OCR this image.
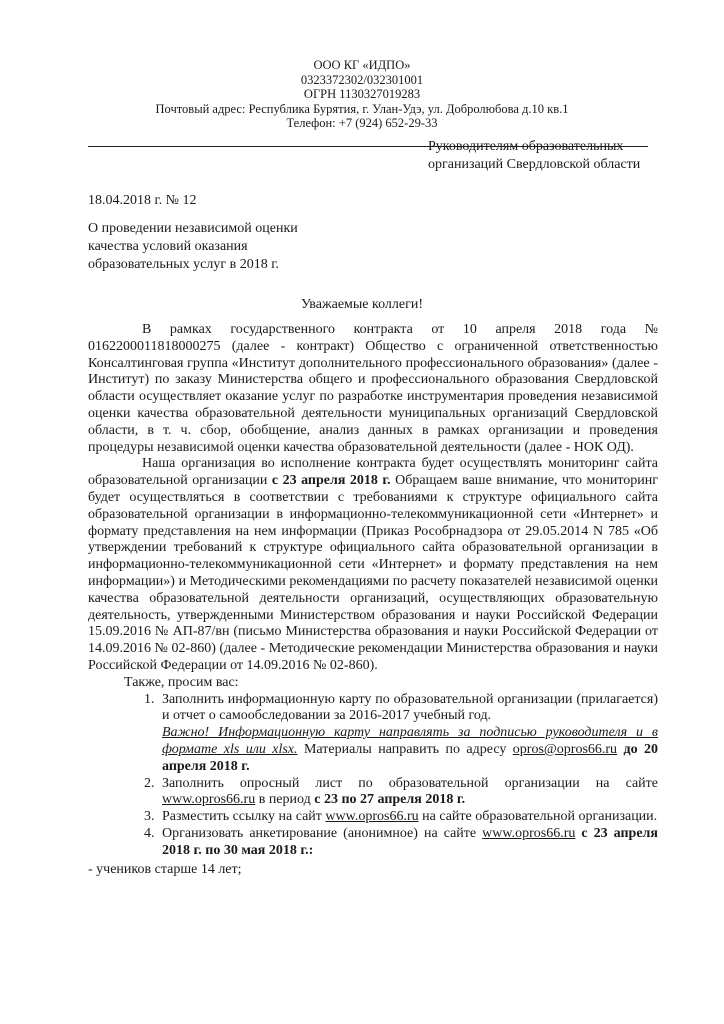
ООО КГ «ИДПО»
0323372302/032301001
ОГРН 1130327019283
Почтовый адрес: Республика Бурятия, г. Улан-Удэ, ул. Добролюбова д.10 кв.1
Телефон: +7 (924) 652-29-33
Руководителям образовательных
организаций Свердловской области
18.04.2018 г. № 12
О проведении независимой оценки
качества условий оказания
образовательных услуг в 2018 г.
Уважаемые коллеги!

В рамках государственного контракта от 10 апреля 2018 года № 0162200011818000275 (далее - контракт) Общество с ограниченной ответственностью Консалтинговая группа «Институт дополнительного профессионального образования» (далее - Институт) по заказу Министерства общего и профессионального образования Свердловской области осуществляет оказание услуг по разработке инструментария проведения независимой оценки качества образовательной деятельности муниципальных организаций Свердловской области, в т. ч. сбор, обобщение, анализ данных в рамках организации и проведения процедуры независимой оценки качества образовательной деятельности (далее - НОК ОД).

Наша организация во исполнение контракта будет осуществлять мониторинг сайта образовательной организации с 23 апреля 2018 г. Обращаем ваше внимание, что мониторинг будет осуществляться в соответствии с требованиями к структуре официального сайта образовательной организации в информационно-телекоммуникационной сети «Интернет» и формату представления на нем информации (Приказ Рособрнадзора от 29.05.2014 N 785 «Об утверждении требований к структуре официального сайта образовательной организации в информационно-телекоммуникационной сети «Интернет» и формату представления на нем информации») и Методическими рекомендациями по расчету показателей независимой оценки качества образовательной деятельности организаций, осуществляющих образовательную деятельность, утвержденными Министерством образования и науки Российской Федерации 15.09.2016 № АП-87/вн (письмо Министерства образования и науки Российской Федерации от 14.09.2016 № 02-860) (далее - Методические рекомендации Министерства образования и науки Российской Федерации от 14.09.2016 № 02-860).

Также, просим вас:

1. Заполнить информационную карту по образовательной организации (прилагается) и отчет о самообследовании за 2016-2017 учебный год.

Важно! Информационную карту направлять за подписью руководителя и в формате xls или xlsx. Материалы направить по адресу opros@opros66.ru до 20 апреля 2018 г.

2. Заполнить опросный лист по образовательной организации на сайте www.opros66.ru в период с 23 по 27 апреля 2018 г.
3. Разместить ссылку на сайт www.opros66.ru на сайте образовательной организации.
4. Организовать анкетирование (анонимное) на сайте www.opros66.ru с 23 апреля 2018 г. по 30 мая 2018 г.:

- учеников старше 14 лет;
